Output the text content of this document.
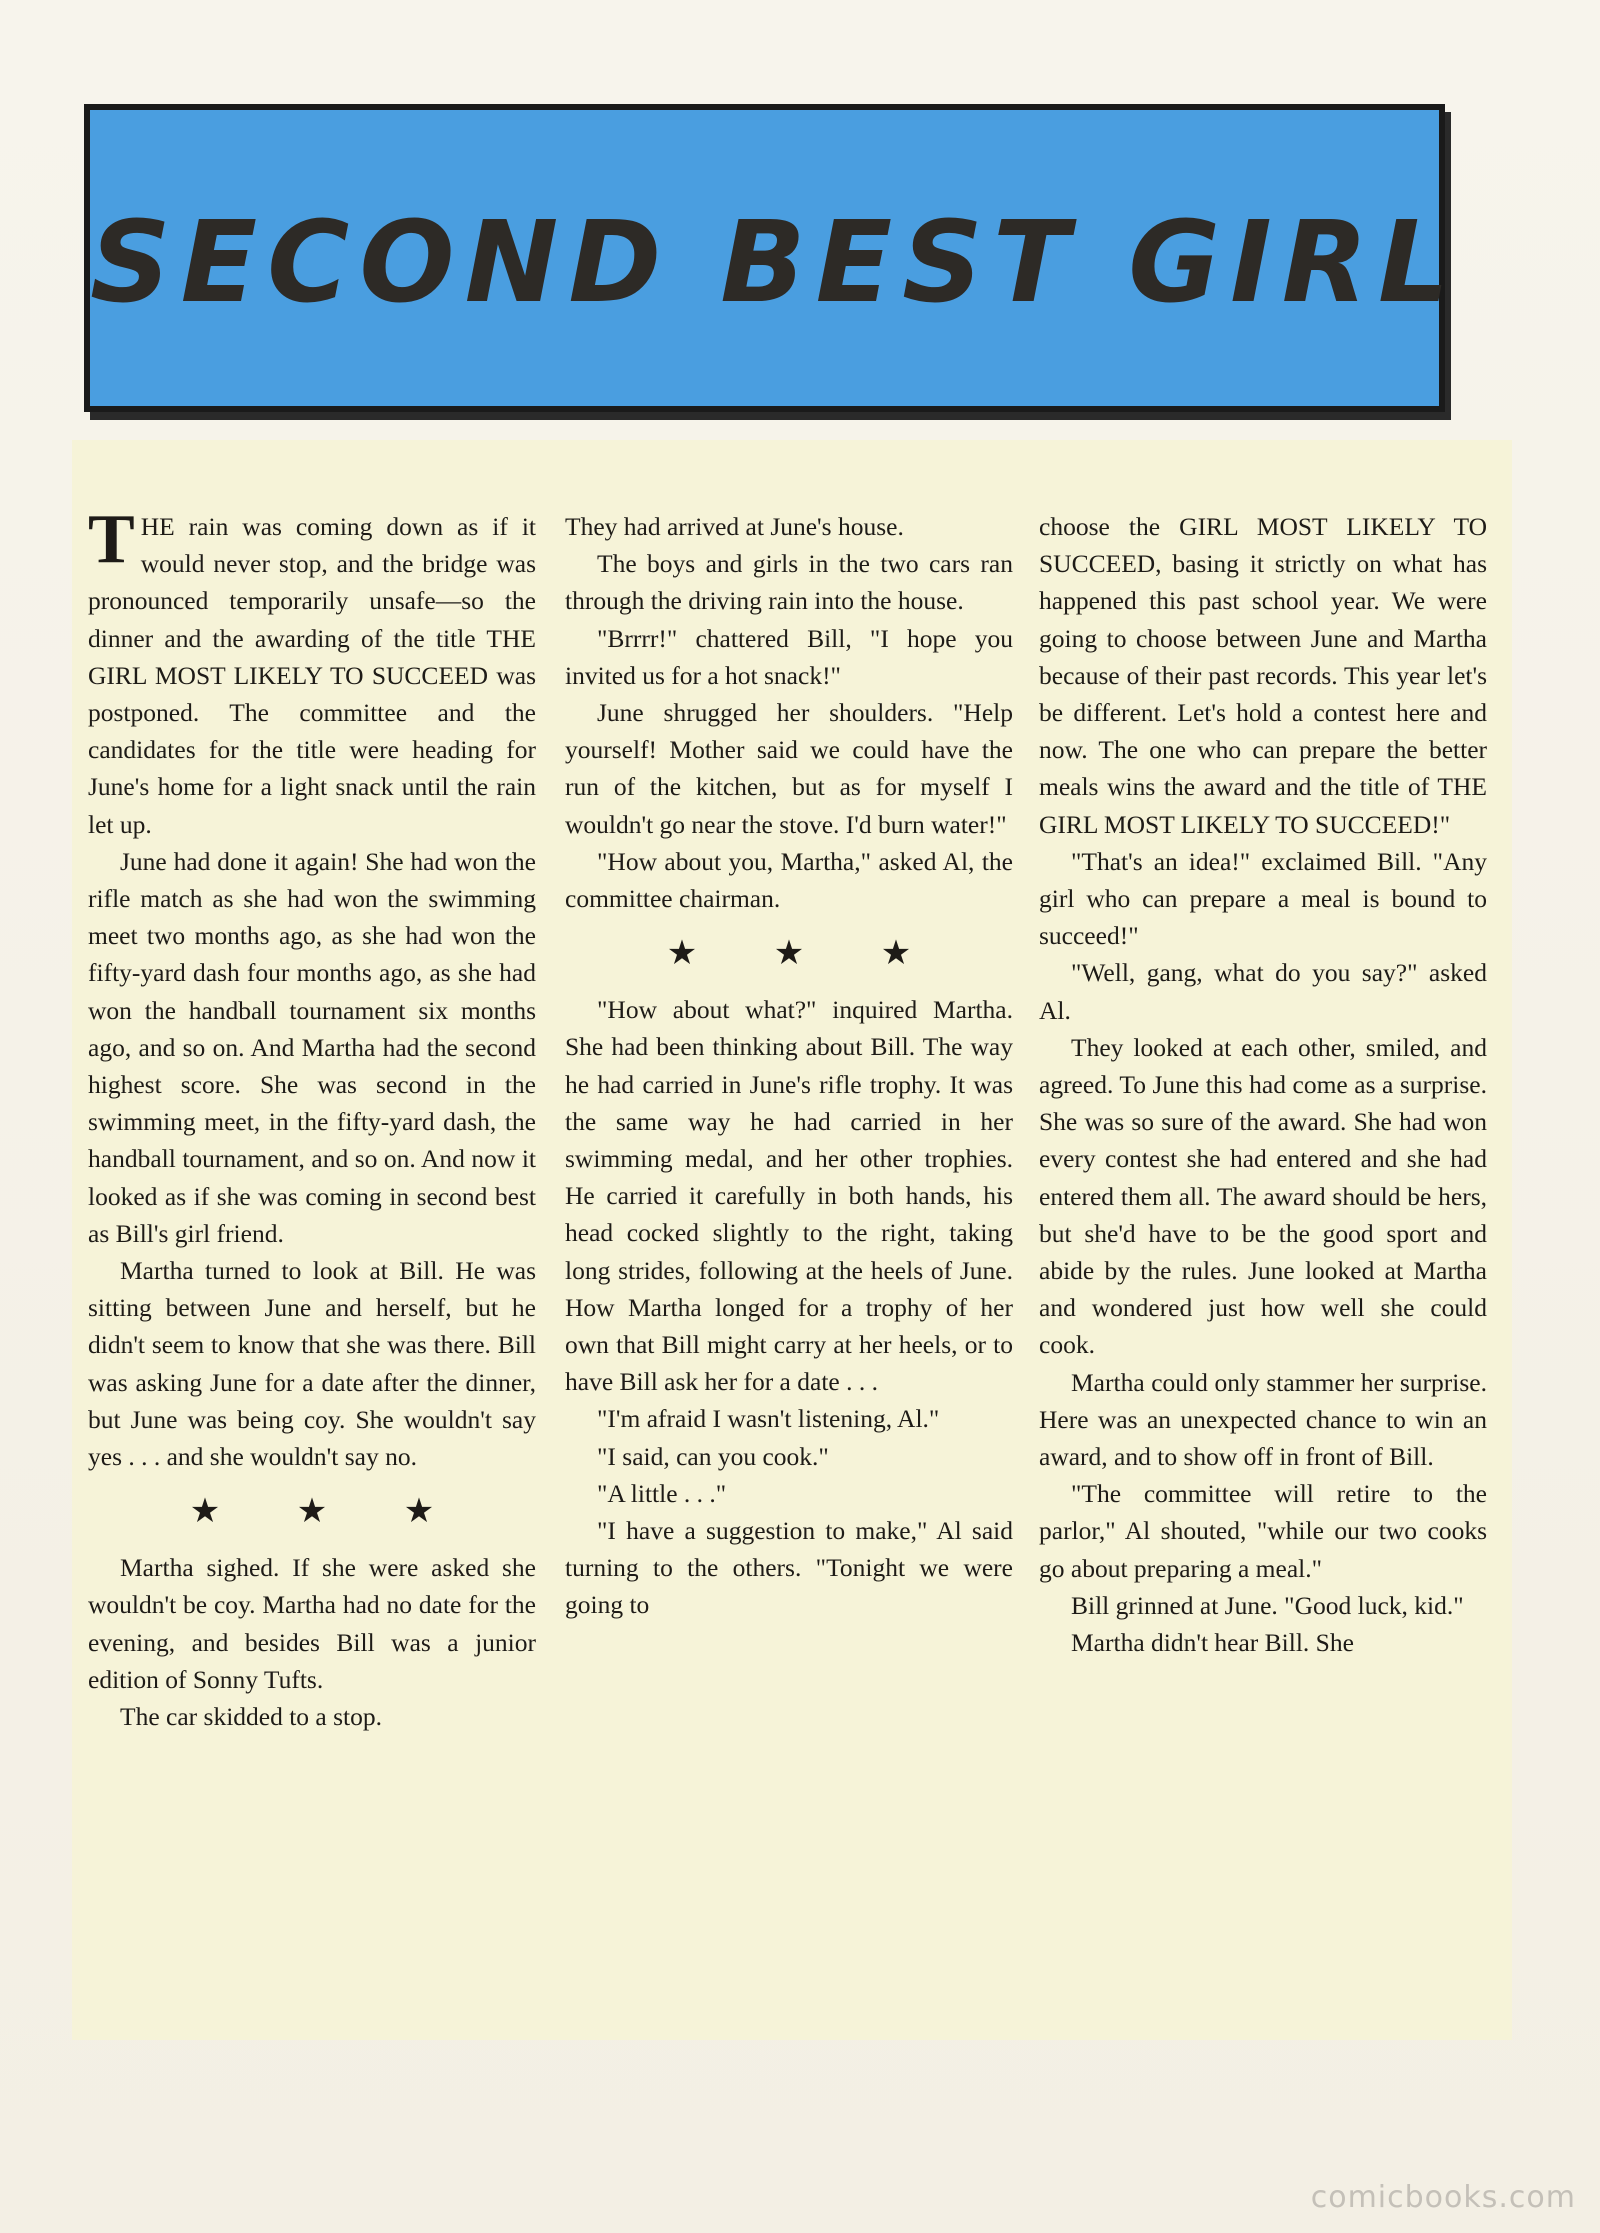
SECOND BEST GIRL

THE rain was coming down as if it would never stop, and the bridge was pronounced temporarily unsafe—so the dinner and the awarding of the title THE GIRL MOST LIKELY TO SUCCEED was postponed. The committee and the candidates for the title were heading for June's home for a light snack until the rain let up.

June had done it again! She had won the rifle match as she had won the swimming meet two months ago, as she had won the fifty-yard dash four months ago, as she had won the handball tournament six months ago, and so on. And Martha had the second highest score. She was second in the swimming meet, in the fifty-yard dash, the handball tournament, and so on. And now it looked as if she was coming in second best as Bill's girl friend.

Martha turned to look at Bill. He was sitting between June and herself, but he didn't seem to know that she was there. Bill was asking June for a date after the dinner, but June was being coy. She wouldn't say yes . . . and she wouldn't say no.

★ ★ ★

Martha sighed. If she were asked she wouldn't be coy. Martha had no date for the evening, and besides Bill was a junior edition of Sonny Tufts.

The car skidded to a stop.

They had arrived at June's house.

The boys and girls in the two cars ran through the driving rain into the house.

"Brrrr!" chattered Bill, "I hope you invited us for a hot snack!"

June shrugged her shoulders. "Help yourself! Mother said we could have the run of the kitchen, but as for myself I wouldn't go near the stove. I'd burn water!"

"How about you, Martha," asked Al, the committee chairman.

★ ★ ★

"How about what?" inquired Martha. She had been thinking about Bill. The way he had carried in June's rifle trophy. It was the same way he had carried in her swimming medal, and her other trophies. He carried it carefully in both hands, his head cocked slightly to the right, taking long strides, following at the heels of June. How Martha longed for a trophy of her own that Bill might carry at her heels, or to have Bill ask her for a date . . .

"I'm afraid I wasn't listening, Al."

"I said, can you cook."

"A little . . ."

"I have a suggestion to make," Al said turning to the others. "Tonight we were going to

choose the GIRL MOST LIKELY TO SUCCEED, basing it strictly on what has happened this past school year. We were going to choose between June and Martha because of their past records. This year let's be different. Let's hold a contest here and now. The one who can prepare the better meals wins the award and the title of THE GIRL MOST LIKELY TO SUCCEED!"

"That's an idea!" exclaimed Bill. "Any girl who can prepare a meal is bound to succeed!"

"Well, gang, what do you say?" asked Al.

They looked at each other, smiled, and agreed. To June this had come as a surprise. She was so sure of the award. She had won every contest she had entered and she had entered them all. The award should be hers, but she'd have to be the good sport and abide by the rules. June looked at Martha and wondered just how well she could cook.

Martha could only stammer her surprise. Here was an unexpected chance to win an award, and to show off in front of Bill.

"The committee will retire to the parlor," Al shouted, "while our two cooks go about preparing a meal."

Bill grinned at June. "Good luck, kid."

Martha didn't hear Bill. She

comicbooks.com
